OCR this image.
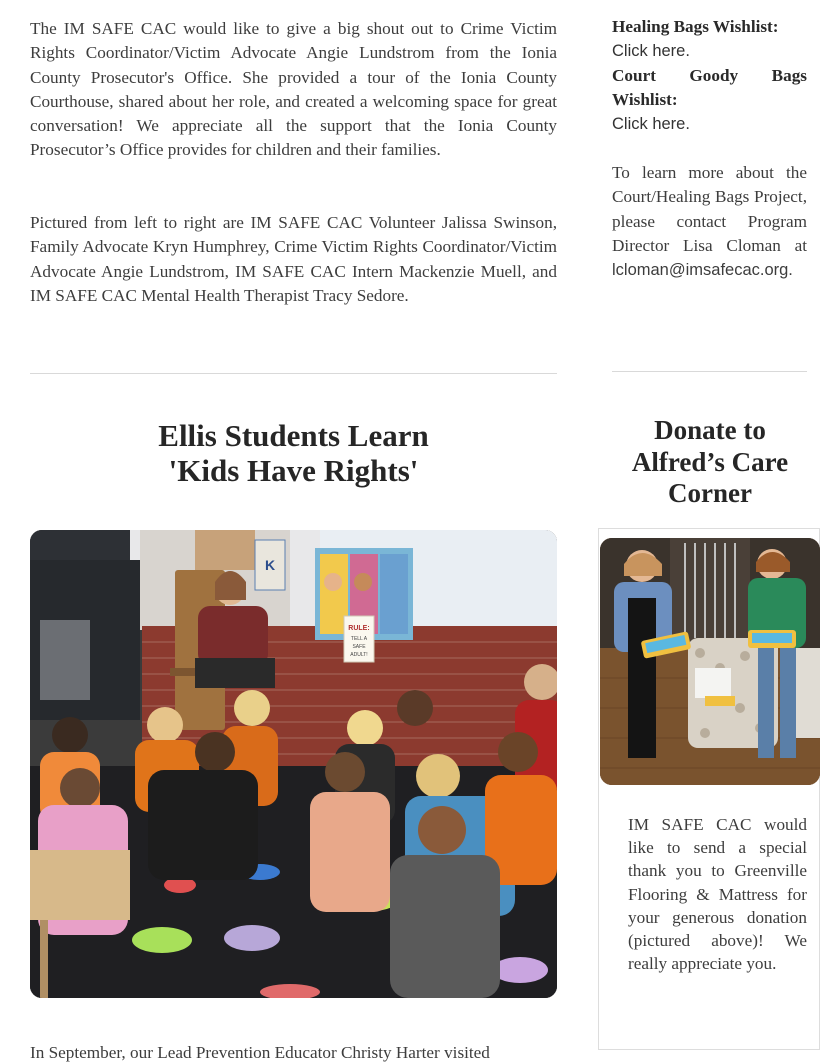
The IM SAFE CAC would like to give a big shout out to Crime Victim Rights Coordinator/Victim Advocate Angie Lundstrom from the Ionia County Prosecutor's Office. She provided a tour of the Ionia County Courthouse, shared about her role, and created a welcoming space for great conversation! We appreciate all the support that the Ionia County Prosecutor’s Office provides for children and their families.

Pictured from left to right are IM SAFE CAC Volunteer Jalissa Swinson, Family Advocate Kryn Humphrey, Crime Victim Rights Coordinator/Victim Advocate Angie Lundstrom, IM SAFE CAC Intern Mackenzie Muell, and IM SAFE CAC Mental Health Therapist Tracy Sedore.

Ellis Students Learn
'Kids Have Rights'
RULE:
TELL A
SAFE
ADULT!
K

In September, our Lead Prevention Educator Christy Harter visited

Healing Bags Wishlist:
Click here.
Court Goody Bags Wishlist:
Click here.
To learn more about the Court/Healing Bags Project, please contact Program Director Lisa Cloman at
lcloman@imsafecac.org.
Donate to
Alfred’s Care
Corner

IM SAFE CAC would like to send a special thank you to Greenville Flooring & Mattress for your generous donation (pictured above)! We really appreciate you.
